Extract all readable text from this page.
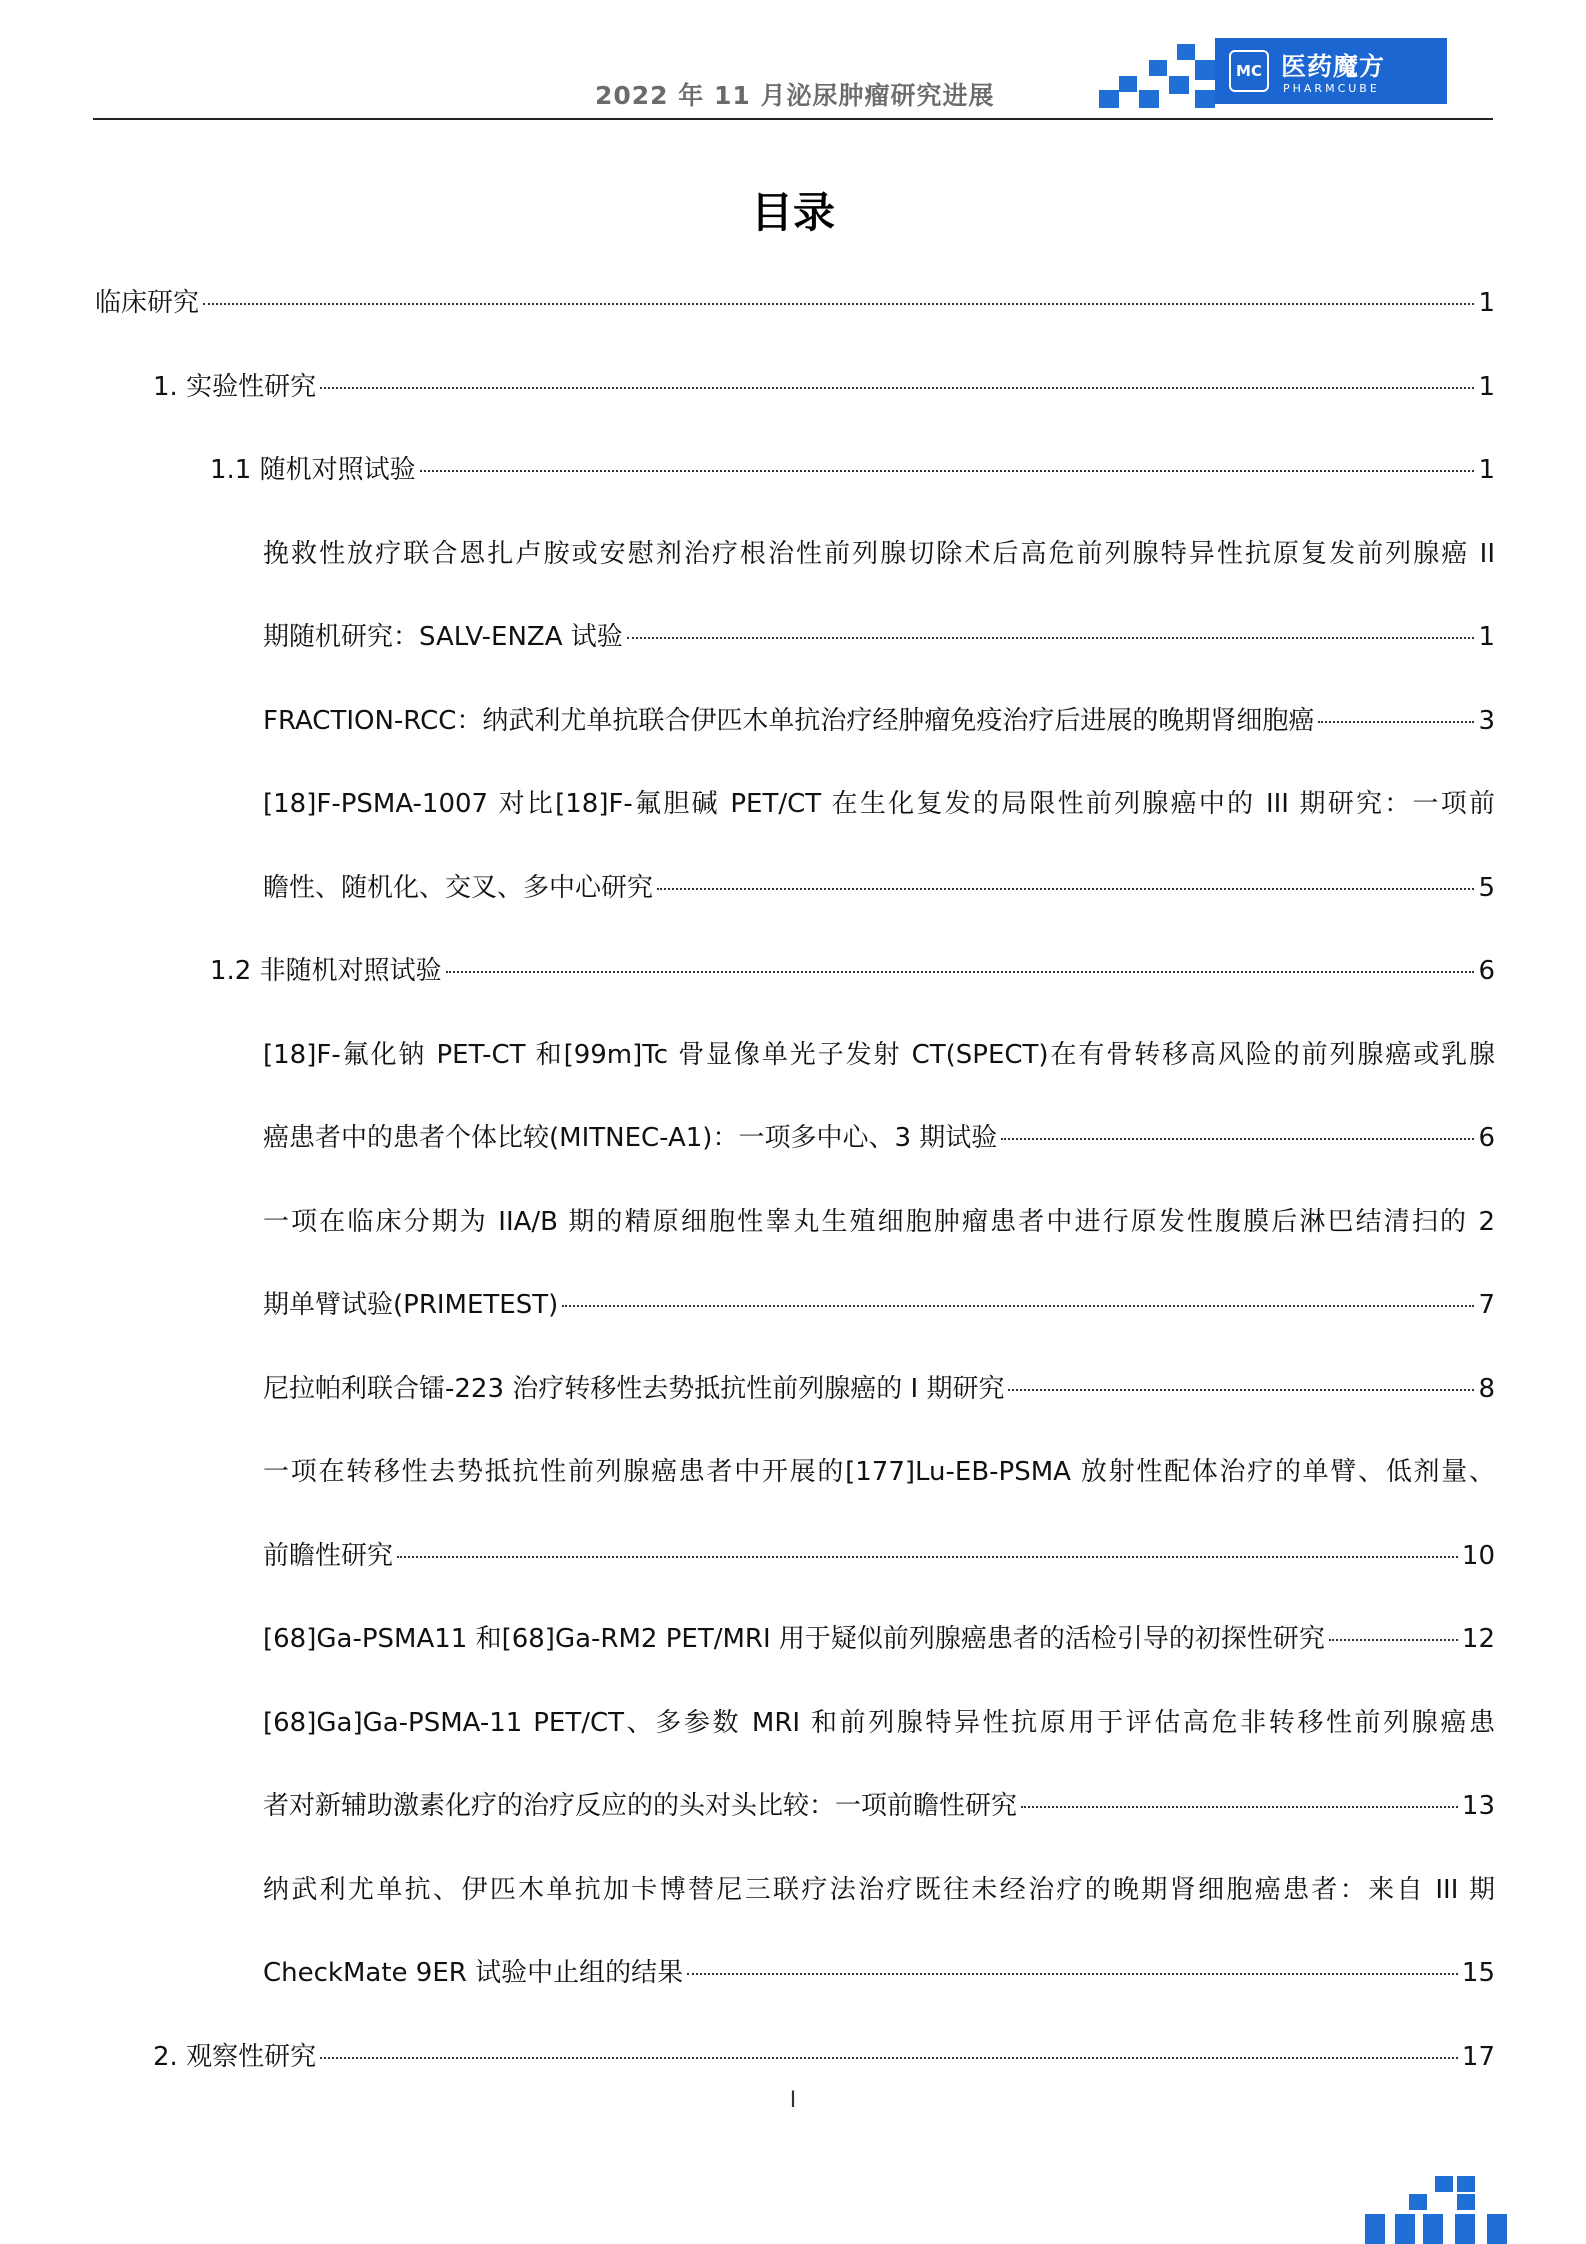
2022 年 11 月泌尿肿瘤研究进展
MC 医药魔方
PHARMCUBE
目录
临床研究	1
1. 实验性研究	1
1.1 随机对照试验	1
挽救性放疗联合恩扎卢胺或安慰剂治疗根治性前列腺切除术后高危前列腺特异性抗原复发前列腺癌 II
期随机研究：SALV-ENZA 试验	1
FRACTION-RCC：纳武利尤单抗联合伊匹木单抗治疗经肿瘤免疫治疗后进展的晚期肾细胞癌	3
[18]F-PSMA-1007 对比[18]F-氟胆碱 PET/CT 在生化复发的局限性前列腺癌中的 III 期研究：一项前
瞻性、随机化、交叉、多中心研究	5
1.2 非随机对照试验	6
[18]F-氟化钠 PET-CT 和[99m]Tc 骨显像单光子发射 CT(SPECT)在有骨转移高风险的前列腺癌或乳腺
癌患者中的患者个体比较(MITNEC-A1)：一项多中心、3 期试验	6
一项在临床分期为 IIA/B 期的精原细胞性睾丸生殖细胞肿瘤患者中进行原发性腹膜后淋巴结清扫的 2
期单臂试验(PRIMETEST)	7
尼拉帕利联合镭-223 治疗转移性去势抵抗性前列腺癌的 I 期研究	8
一项在转移性去势抵抗性前列腺癌患者中开展的[177]Lu-EB-PSMA 放射性配体治疗的单臂、低剂量、
前瞻性研究	10
[68]Ga-PSMA11 和[68]Ga-RM2 PET/MRI 用于疑似前列腺癌患者的活检引导的初探性研究	12
[68]Ga]Ga-PSMA-11 PET/CT、多参数 MRI 和前列腺特异性抗原用于评估高危非转移性前列腺癌患
者对新辅助激素化疗的治疗反应的的头对头比较：一项前瞻性研究	13
纳武利尤单抗、伊匹木单抗加卡博替尼三联疗法治疗既往未经治疗的晚期肾细胞癌患者：来自 III 期
CheckMate 9ER 试验中止组的结果	15
2. 观察性研究	17
I
